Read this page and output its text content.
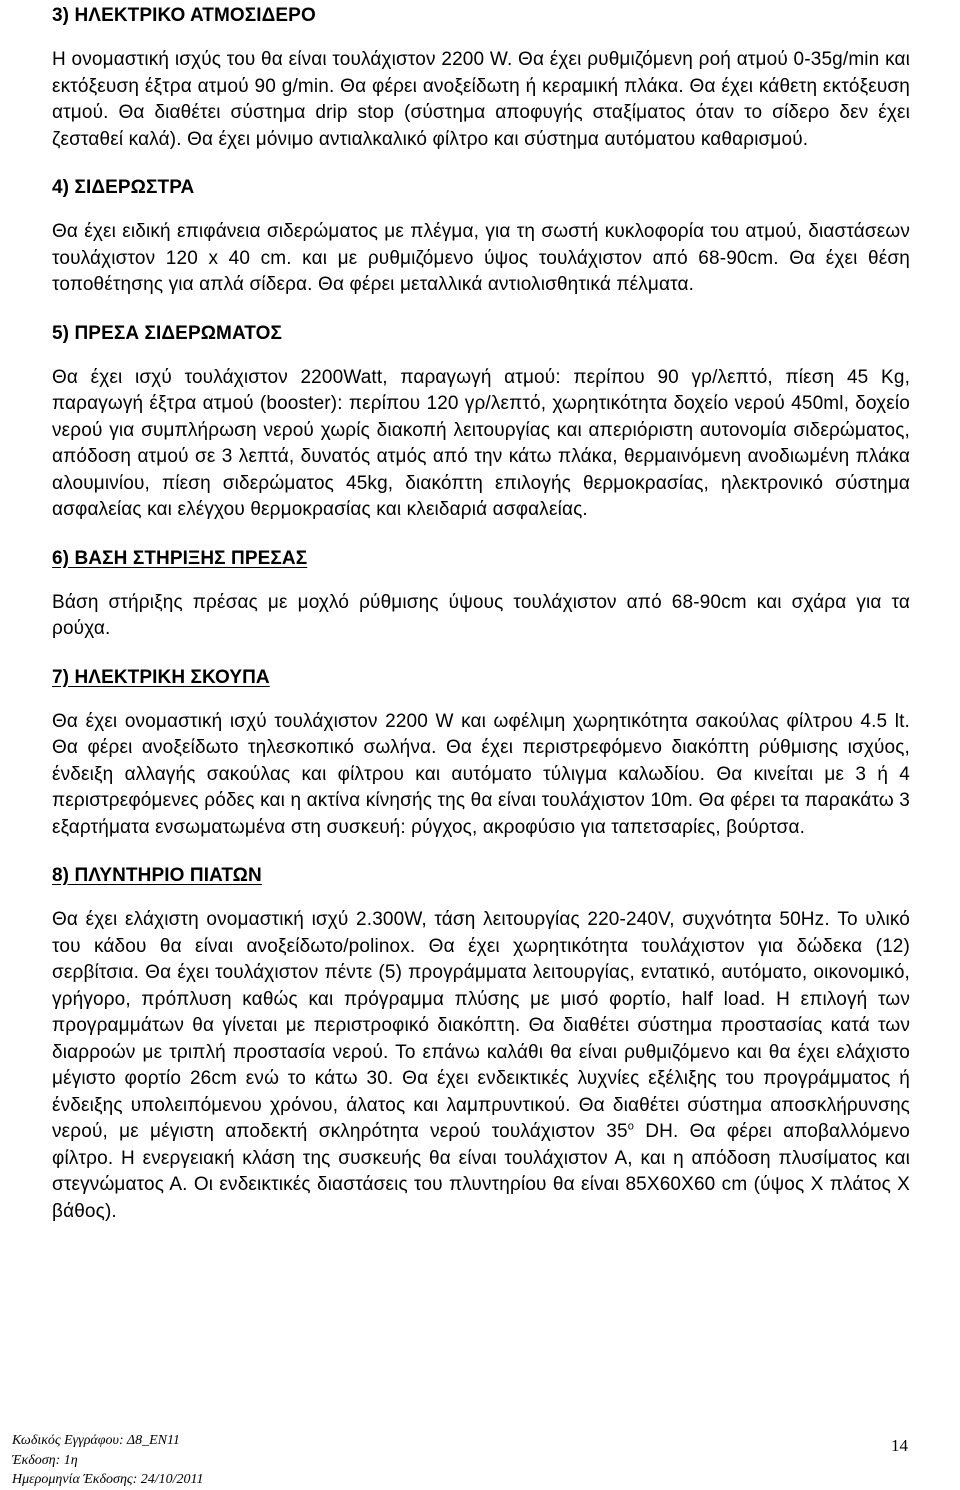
3) ΗΛΕΚΤΡΙΚΟ ΑΤΜΟΣΙΔΕΡΟ

Η ονομαστική ισχύς του θα είναι τουλάχιστον 2200 W. Θα έχει ρυθμιζόμενη ροή ατμού 0-35g/min και εκτόξευση έξτρα ατμού 90 g/min. Θα φέρει ανοξείδωτη ή κεραμική πλάκα. Θα έχει κάθετη εκτόξευση ατμού. Θα διαθέτει σύστημα drip stop (σύστημα αποφυγής σταξίματος όταν το σίδερο δεν έχει ζεσταθεί καλά). Θα έχει μόνιμο αντιαλκαλικό φίλτρο και σύστημα αυτόματου καθαρισμού.

4) ΣΙΔΕΡΩΣΤΡΑ

Θα έχει ειδική επιφάνεια σιδερώματος με πλέγμα, για τη σωστή κυκλοφορία του ατμού, διαστάσεων τουλάχιστον 120 x 40 cm. και με ρυθμιζόμενο ύψος τουλάχιστον από 68-90cm. Θα έχει θέση τοποθέτησης για απλά σίδερα. Θα φέρει μεταλλικά αντιολισθητικά πέλματα.

5) ΠΡΕΣΑ ΣΙΔΕΡΩΜΑΤΟΣ

Θα έχει ισχύ τουλάχιστον 2200Watt, παραγωγή ατμού: περίπου 90 γρ/λεπτό, πίεση 45 Kg, παραγωγή έξτρα ατμού (booster): περίπου 120 γρ/λεπτό, χωρητικότητα δοχείο νερού 450ml, δοχείο νερού για συμπλήρωση νερού χωρίς διακοπή λειτουργίας και απεριόριστη αυτονομία σιδερώματος, απόδοση ατμού σε 3 λεπτά, δυνατός ατμός από την κάτω πλάκα, θερμαινόμενη ανοδιωμένη πλάκα αλουμινίου, πίεση σιδερώματος 45kg, διακόπτη επιλογής θερμοκρασίας, ηλεκτρονικό σύστημα ασφαλείας και ελέγχου θερμοκρασίας και κλειδαριά ασφαλείας.

6) ΒΑΣΗ ΣΤΗΡΙΞΗΣ ΠΡΕΣΑΣ

Βάση στήριξης πρέσας με μοχλό ρύθμισης ύψους τουλάχιστον από 68-90cm και σχάρα για τα ρούχα.

7) ΗΛΕΚΤΡΙΚΗ ΣΚΟΥΠΑ

Θα έχει ονομαστική ισχύ τουλάχιστον 2200 W και ωφέλιμη χωρητικότητα σακούλας φίλτρου 4.5 lt. Θα φέρει ανοξείδωτο τηλεσκοπικό σωλήνα. Θα έχει περιστρεφόμενο διακόπτη ρύθμισης ισχύος, ένδειξη αλλαγής σακούλας και φίλτρου και αυτόματο τύλιγμα καλωδίου. Θα κινείται με 3 ή 4 περιστρεφόμενες ρόδες και η ακτίνα κίνησής της θα είναι τουλάχιστον 10m. Θα φέρει τα παρακάτω 3 εξαρτήματα ενσωματωμένα στη συσκευή: ρύγχος, ακροφύσιο για ταπετσαρίες, βούρτσα.

8) ΠΛΥΝΤΗΡΙΟ ΠΙΑΤΩΝ

Θα έχει ελάχιστη ονομαστική ισχύ 2.300W, τάση λειτουργίας 220-240V, συχνότητα 50Hz. Το υλικό του κάδου θα είναι ανοξείδωτο/polinox. Θα έχει χωρητικότητα τουλάχιστον για δώδεκα (12) σερβίτσια. Θα έχει τουλάχιστον πέντε (5) προγράμματα λειτουργίας, εντατικό, αυτόματο, οικονομικό, γρήγορο, πρόπλυση καθώς και πρόγραμμα πλύσης με μισό φορτίο, half load. Η επιλογή των προγραμμάτων θα γίνεται με περιστροφικό διακόπτη. Θα διαθέτει σύστημα προστασίας κατά των διαρροών με τριπλή προστασία νερού. Το επάνω καλάθι θα είναι ρυθμιζόμενο και θα έχει ελάχιστο μέγιστο φορτίο 26cm ενώ το κάτω 30. Θα έχει ενδεικτικές λυχνίες εξέλιξης του προγράμματος ή ένδειξης υπολειπόμενου χρόνου, άλατος και λαμπρυντικού. Θα διαθέτει σύστημα αποσκλήρυνσης νερού, με μέγιστη αποδεκτή σκληρότητα νερού τουλάχιστον 35$^o$ DH. Θα φέρει αποβαλλόμενο φίλτρο. Η ενεργειακή κλάση της συσκευής θα είναι τουλάχιστον Α, και η απόδοση πλυσίματος και στεγνώματος Α. Οι ενδεικτικές διαστάσεις του πλυντηρίου θα είναι 85Χ60Χ60 cm (ύψος Χ πλάτος Χ βάθος).

Κωδικός Εγγράφου: Δ8_ΕΝ11
Έκδοση: 1η
Ημερομηνία Έκδοσης: 24/10/2011
14
